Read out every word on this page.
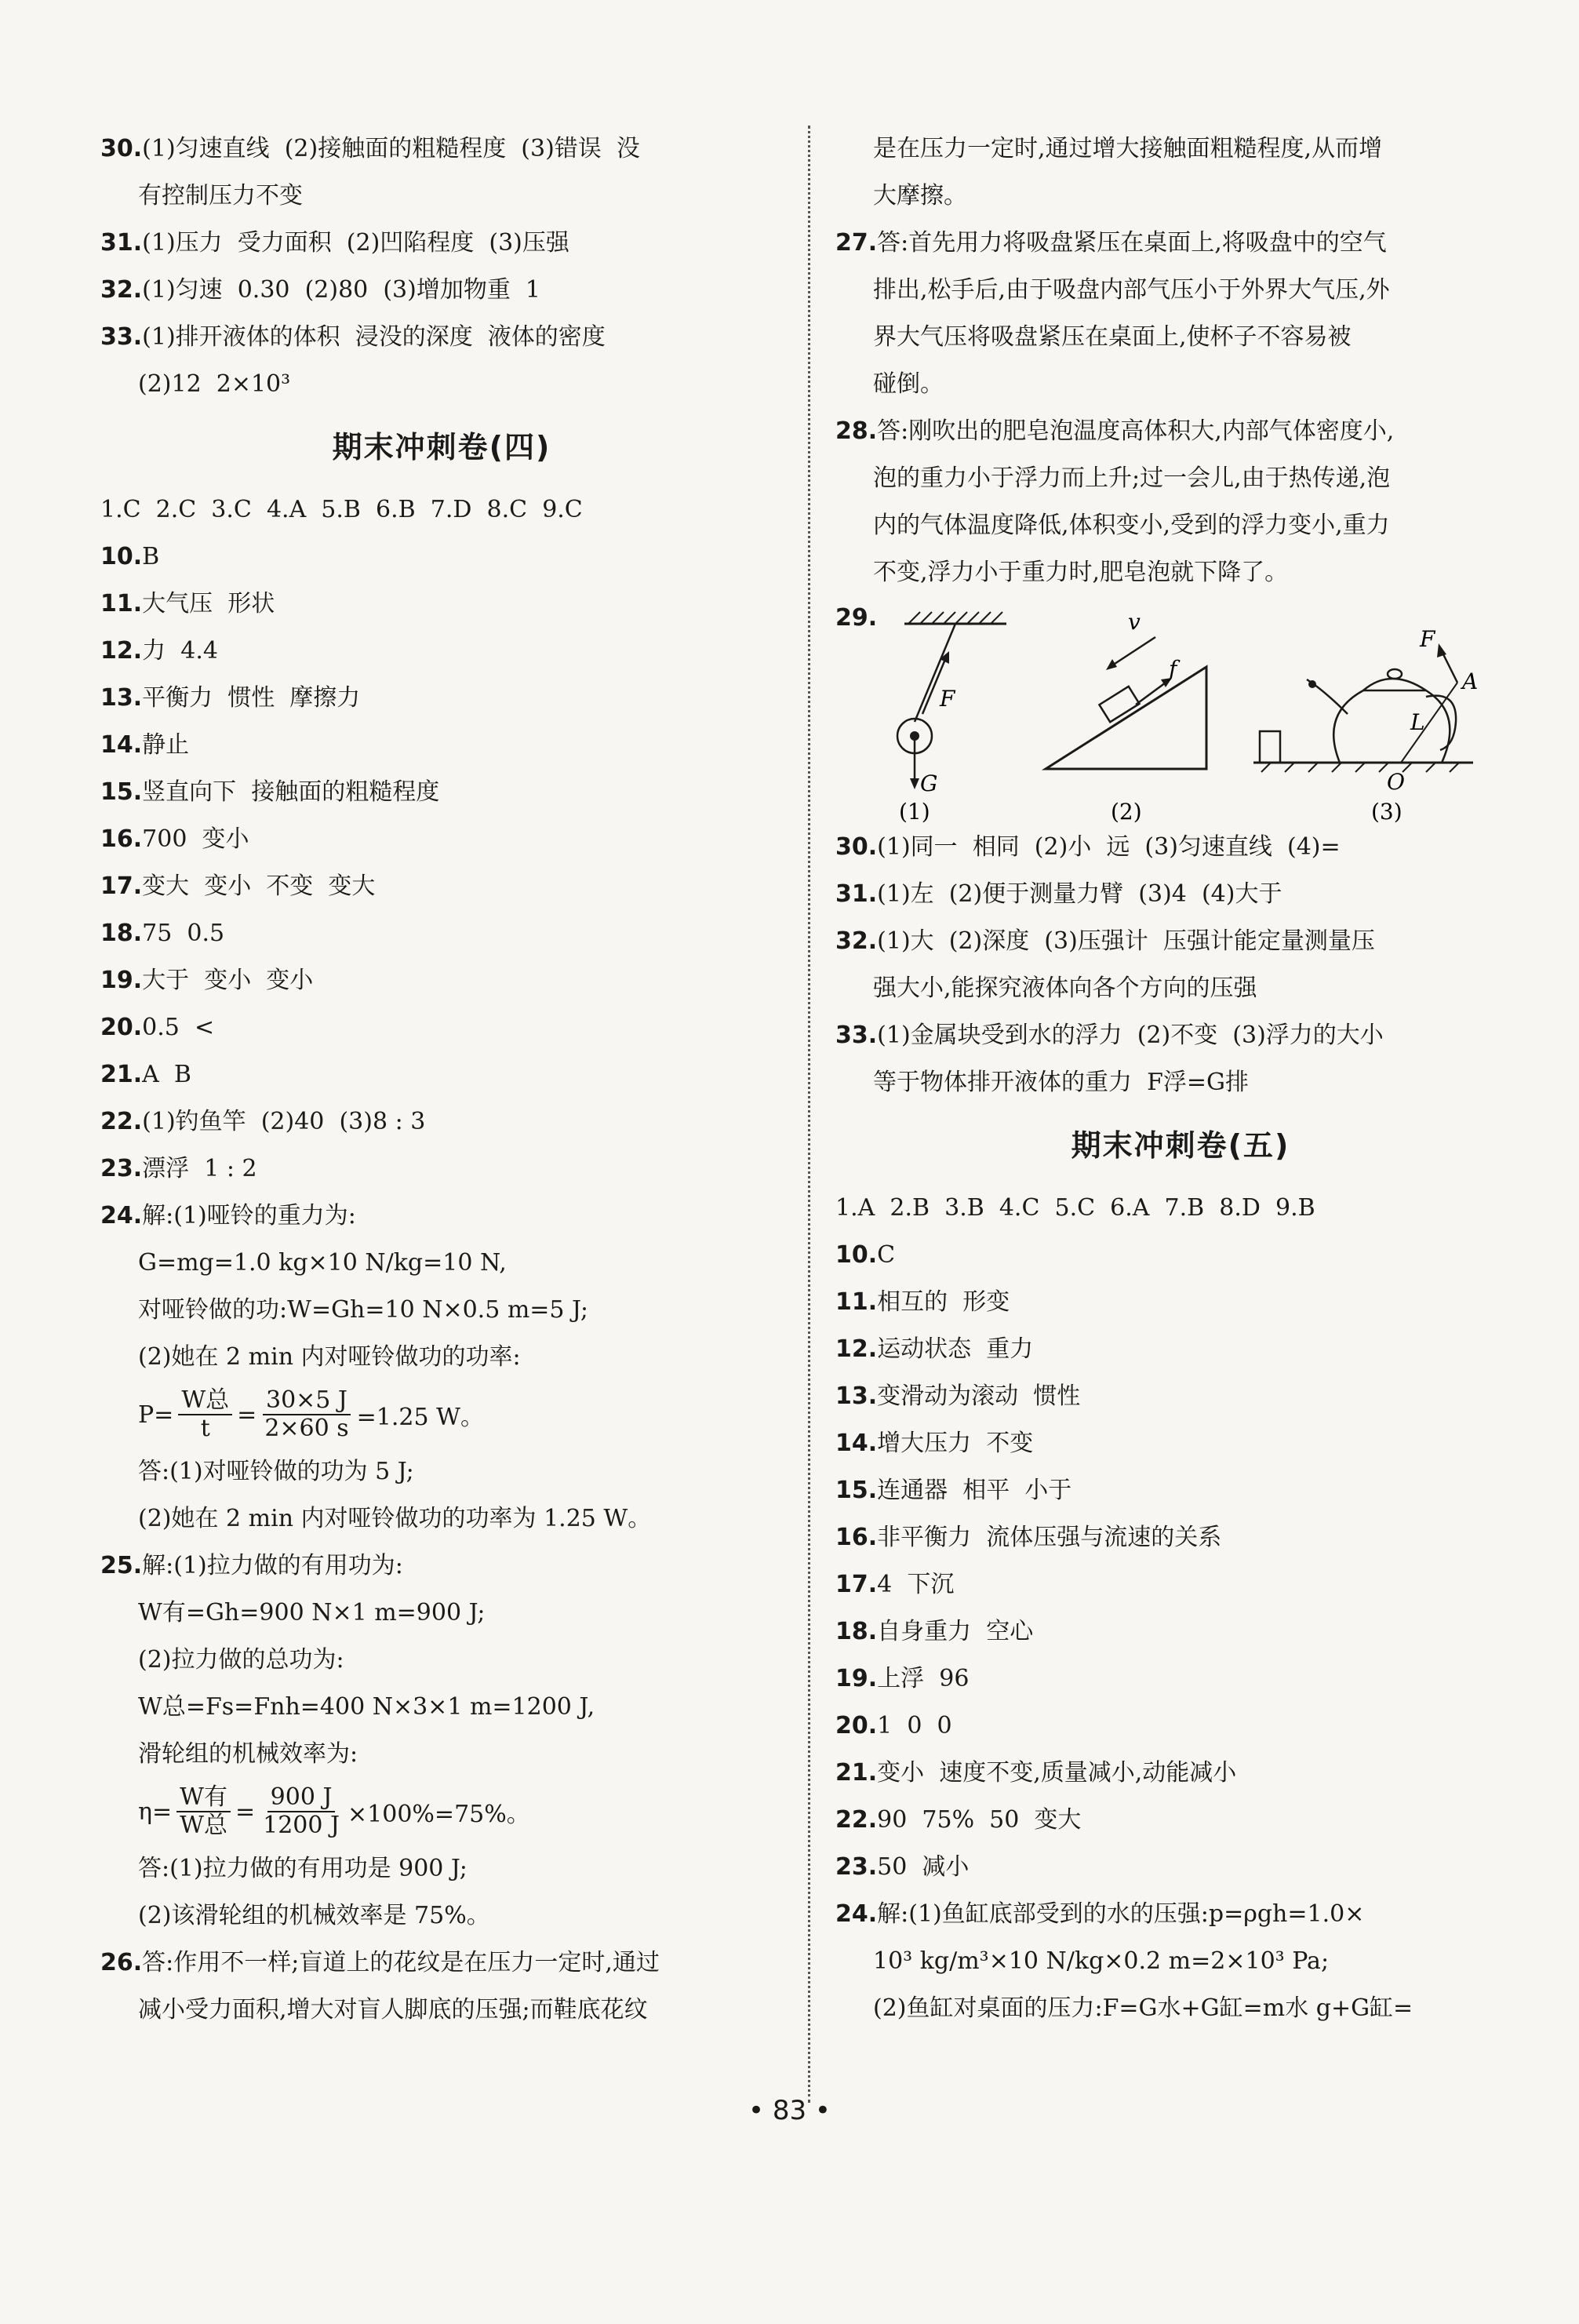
30.(1)匀速直线  (2)接触面的粗糙程度  (3)错误  没
有控制压力不变
31.(1)压力  受力面积  (2)凹陷程度  (3)压强
32.(1)匀速  0.30  (2)80  (3)增加物重  1
33.(1)排开液体的体积  浸没的深度  液体的密度
(2)12  2×10³
期末冲刺卷(四)
1.C  2.C  3.C  4.A  5.B  6.B  7.D  8.C  9.C
10.B
11.大气压  形状
12.力  4.4
13.平衡力  惯性  摩擦力
14.静止
15.竖直向下  接触面的粗糙程度
16.700  变小
17.变大  变小  不变  变大
18.75  0.5
19.大于  变小  变小
20.0.5  <
21.A  B
22.(1)钓鱼竿  (2)40  (3)8 : 3
23.漂浮  1 : 2
24.解:(1)哑铃的重力为:
G=mg=1.0 kg×10 N/kg=10 N,
对哑铃做的功:W=Gh=10 N×0.5 m=5 J;
(2)她在 2 min 内对哑铃做功的功率:
$P= \frac{\text{W总}}{t} = \frac{30\times 5 J}{2\times 60 s} =1.25$ W。
答:(1)对哑铃做的功为 5 J;
(2)她在 2 min 内对哑铃做功的功率为 1.25 W。
25.解:(1)拉力做的有用功为:
W有=Gh=900 N×1 m=900 J;
(2)拉力做的总功为:
W总=Fs=Fnh=400 N×3×1 m=1200 J,
滑轮组的机械效率为:
$\eta= \frac{\text{W有}}{\text{W总}} = \frac{900 J}{1200 J} \times 100\%=75\%$。
答:(1)拉力做的有用功是 900 J;
(2)该滑轮组的机械效率是 75%。
26.答:作用不一样;盲道上的花纹是在压力一定时,通过
减小受力面积,增大对盲人脚底的压强;而鞋底花纹
是在压力一定时,通过增大接触面粗糙程度,从而增
大摩擦。
27.答:首先用力将吸盘紧压在桌面上,将吸盘中的空气
排出,松手后,由于吸盘内部气压小于外界大气压,外
界大气压将吸盘紧压在桌面上,使杯子不容易被
碰倒。
28.答:刚吹出的肥皂泡温度高体积大,内部气体密度小,
泡的重力小于浮力而上升;过一会儿,由于热传递,泡
内的气体温度降低,体积变小,受到的浮力变小,重力
不变,浮力小于重力时,肥皂泡就下降了。
29.
F
G
(1)
v
f
(2)
F
A
L
O
(3)
30.(1)同一  相同  (2)小  远  (3)匀速直线  (4)=
31.(1)左  (2)便于测量力臂  (3)4  (4)大于
32.(1)大  (2)深度  (3)压强计  压强计能定量测量压
强大小,能探究液体向各个方向的压强
33.(1)金属块受到水的浮力  (2)不变  (3)浮力的大小
等于物体排开液体的重力  F浮=G排
期末冲刺卷(五)
1.A  2.B  3.B  4.C  5.C  6.A  7.B  8.D  9.B
10.C
11.相互的  形变
12.运动状态  重力
13.变滑动为滚动  惯性
14.增大压力  不变
15.连通器  相平  小于
16.非平衡力  流体压强与流速的关系
17.4  下沉
18.自身重力  空心
19.上浮  96
20.1  0  0
21.变小  速度不变,质量减小,动能减小
22.90  75%  50  变大
23.50  减小
24.解:(1)鱼缸底部受到的水的压强:p=ρgh=1.0×
10³ kg/m³×10 N/kg×0.2 m=2×10³ Pa;
(2)鱼缸对桌面的压力:F=G水+G缸=m水 g+G缸=
• 83 •
